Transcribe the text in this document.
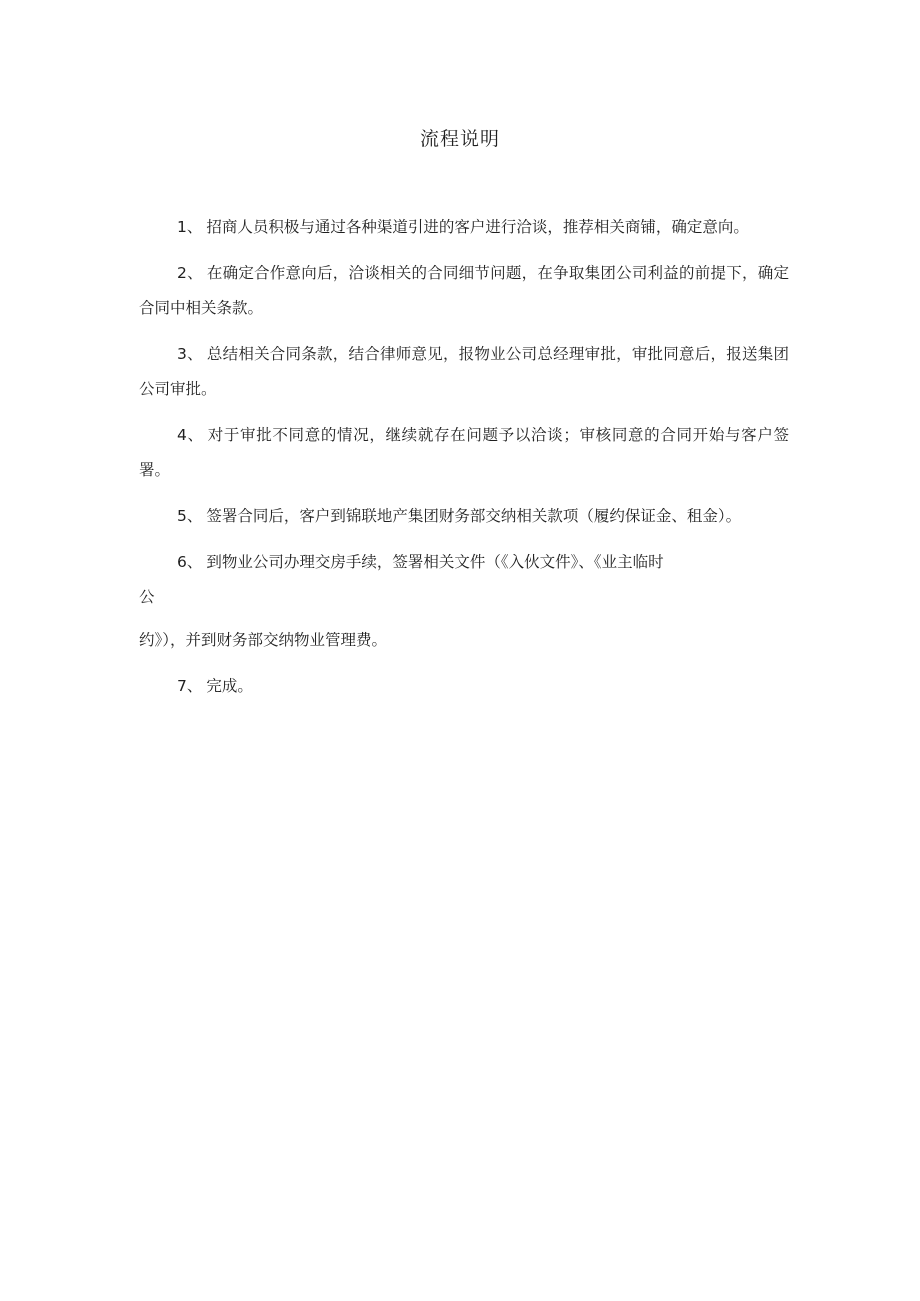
流程说明

1、 招商人员积极与通过各种渠道引进的客户进行洽谈，推荐相关商铺，确定意向。

2、 在确定合作意向后，洽谈相关的合同细节问题，在争取集团公司利益的前提下，确定合同中相关条款。

3、 总结相关合同条款，结合律师意见，报物业公司总经理审批，审批同意后，报送集团公司审批。

4、 对于审批不同意的情况，继续就存在问题予以洽谈；审核同意的合同开始与客户签署。

5、 签署合同后，客户到锦联地产集团财务部交纳相关款项（履约保证金、租金）。

6、 到物业公司办理交房手续，签署相关文件（《入伙文件》、《业主临时
公
约》），并到财务部交纳物业管理费。

7、 完成。
